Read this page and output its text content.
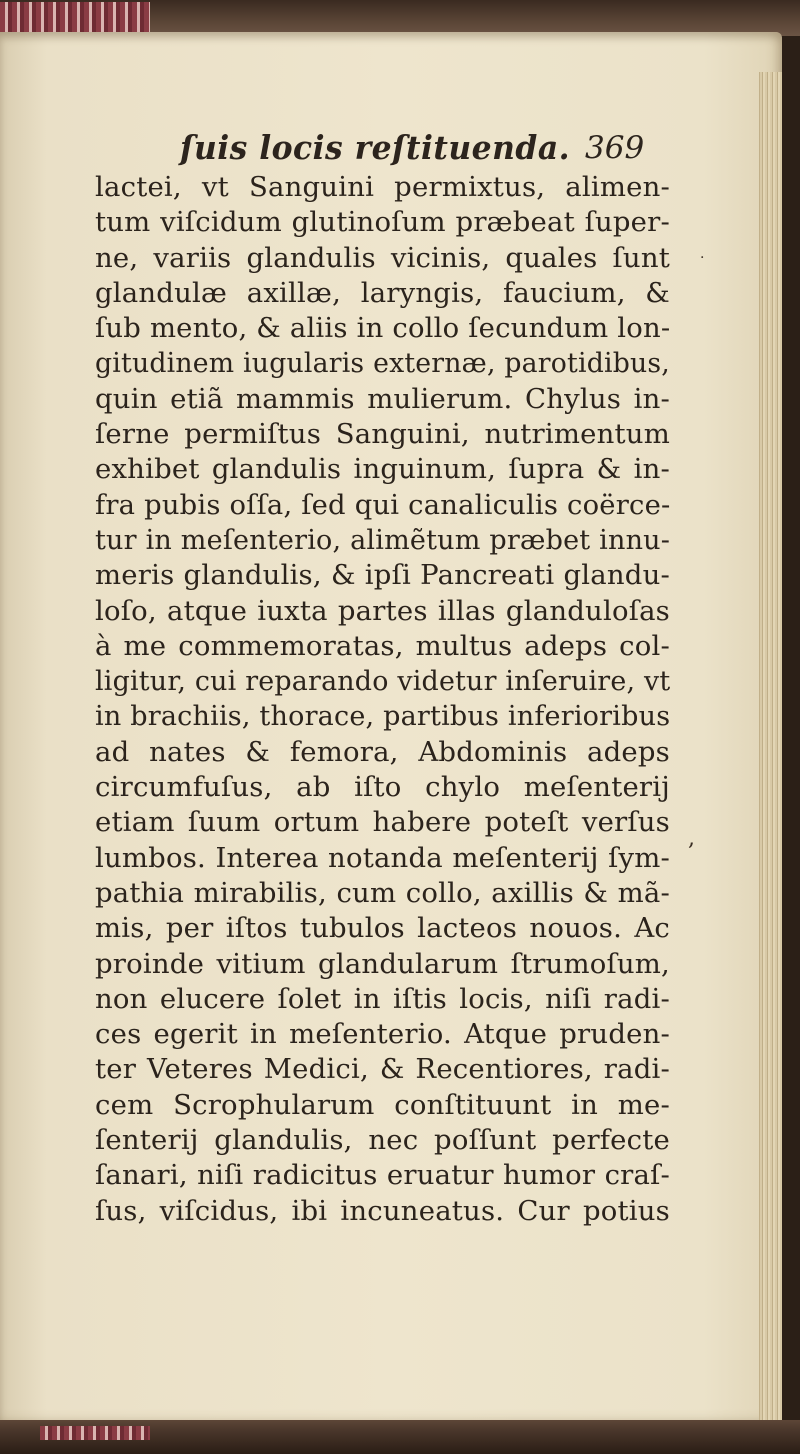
ſuis locis reſtituenda. 369
lactei, vt Sanguini permixtus, alimen-
tum viſcidum glutinoſum præbeat ſuper-
ne, variis glandulis vicinis, quales ſunt
glandulæ axillæ, laryngis, faucium, &
ſub mento, & aliis in collo ſecundum lon-
gitudinem iugularis externæ, parotidibus,
quin etiã mammis mulierum. Chylus in-
ſerne permiſtus Sanguini, nutrimentum
exhibet glandulis inguinum, ſupra & in-
fra pubis oſſa, ſed qui canaliculis coërce-
tur in meſenterio, alimẽtum præbet innu-
meris glandulis, & ipſi Pancreati glandu-
loſo, atque iuxta partes illas glanduloſas
à me commemoratas, multus adeps col-
ligitur, cui reparando videtur inſeruire, vt
in brachiis, thorace, partibus inferioribus
ad nates & femora, Abdominis adeps
circumfuſus, ab iſto chylo meſenterij
etiam ſuum ortum habere poteſt verſus
lumbos. Interea notanda meſenterij ſym-
pathia mirabilis, cum collo, axillis & mã-
mis, per iſtos tubulos lacteos nouos. Ac
proinde vitium glandularum ſtrumoſum,
non elucere ſolet in iſtis locis, niſi radi-
ces egerit in meſenterio. Atque pruden-
ter Veteres Medici, & Recentiores, radi-
cem Scrophularum conſtituunt in me-
ſenterij glandulis, nec poſſunt perfecte
ſanari, niſi radicitus eruatur humor craſ-
ſus, viſcidus, ibi incuneatus. Cur potius
,
·
